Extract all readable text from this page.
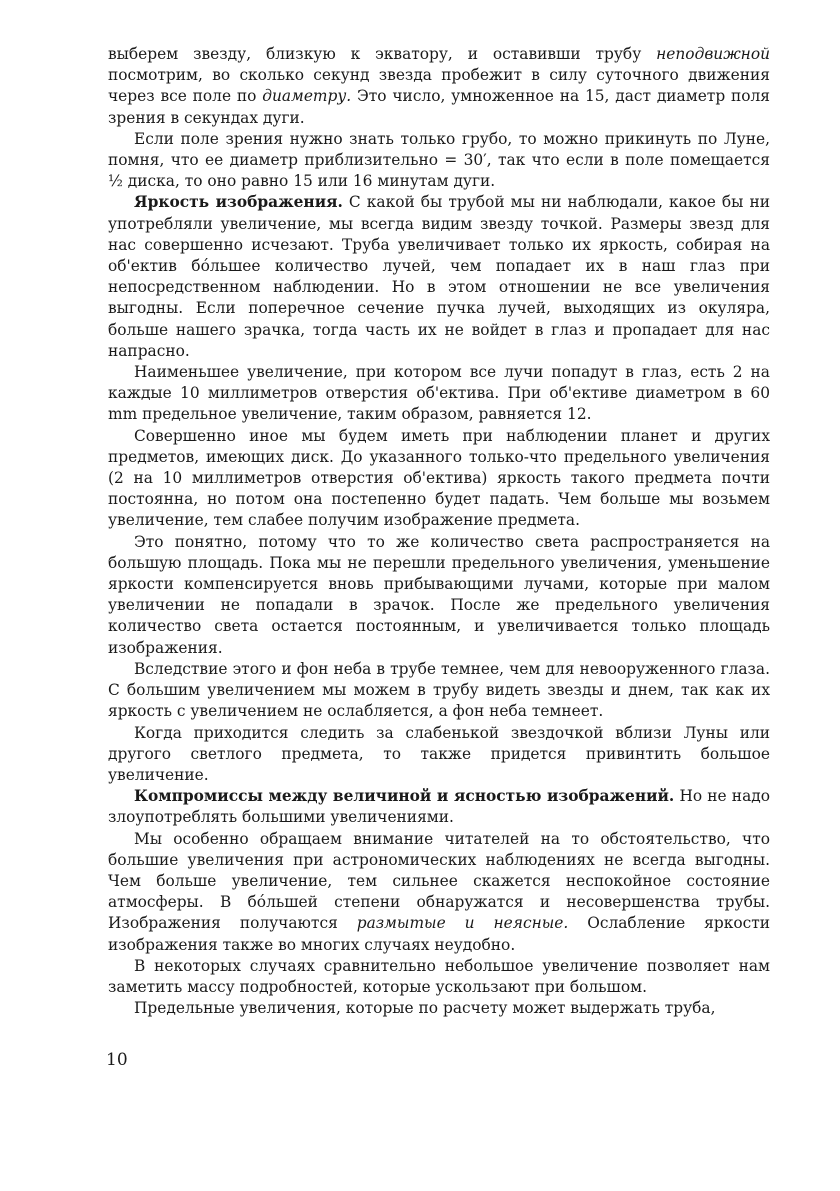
выберем звезду, близкую к экватору, и оставивши трубу неподвижной посмотрим, во сколько секунд звезда пробежит в силу суточного движения через все поле по диаметру. Это число, умноженное на 15, даст диаметр поля зрения в секундах дуги.

Если поле зрения нужно знать только грубо, то можно прикинуть по Луне, помня, что ее диаметр приблизительно = 30′, так что если в поле помещается ½ диска, то оно равно 15 или 16 минутам дуги.

Яркость изображения. С какой бы трубой мы ни наблюдали, какое бы ни употребляли увеличение, мы всегда видим звезду точкой. Размеры звезд для нас совершенно исчезают. Труба увеличивает только их яркость, собирая на об'ектив бóльшее количество лучей, чем попадает их в наш глаз при непосредственном наблюдении. Но в этом отношении не все увеличения выгодны. Если поперечное сечение пучка лучей, выходящих из окуляра, больше нашего зрачка, тогда часть их не войдет в глаз и пропадает для нас напрасно.

Наименьшее увеличение, при котором все лучи попадут в глаз, есть 2 на каждые 10 миллиметров отверстия об'ектива. При об'ективе диаметром в 60 mm предельное увеличение, таким образом, равняется 12.

Совершенно иное мы будем иметь при наблюдении планет и других предметов, имеющих диск. До указанного только-что предельного увеличения (2 на 10 миллиметров отверстия об'ектива) яркость такого предмета почти постоянна, но потом она постепенно будет падать. Чем больше мы возьмем увеличение, тем слабее получим изображение предмета.

Это понятно, потому что то же количество света распространяется на большую площадь. Пока мы не перешли предельного увеличения, уменьшение яркости компенсируется вновь прибывающими лучами, которые при малом увеличении не попадали в зрачок. После же предельного увеличения количество света остается постоянным, и увеличивается только площадь изображения.

Вследствие этого и фон неба в трубе темнее, чем для невооруженного глаза. С большим увеличением мы можем в трубу видеть звезды и днем, так как их яркость с увеличением не ослабляется, а фон неба темнеет.

Когда приходится следить за слабенькой звездочкой вблизи Луны или другого светлого предмета, то также придется привинтить большое увеличение.

Компромиссы между величиной и ясностью изображений. Но не надо злоупотреблять большими увеличениями.

Мы особенно обращаем внимание читателей на то обстоятельство, что большие увеличения при астрономических наблюдениях не всегда выгодны. Чем больше увеличение, тем сильнее скажется неспокойное состояние атмосферы. В бóльшей степени обнаружатся и несовершенства трубы. Изображения получаются размытые и неясные. Ослабление яркости изображения также во многих случаях неудобно.

В некоторых случаях сравнительно небольшое увеличение позволяет нам заметить массу подробностей, которые ускользают при большом.

Предельные увеличения, которые по расчету может выдержать труба,

10
